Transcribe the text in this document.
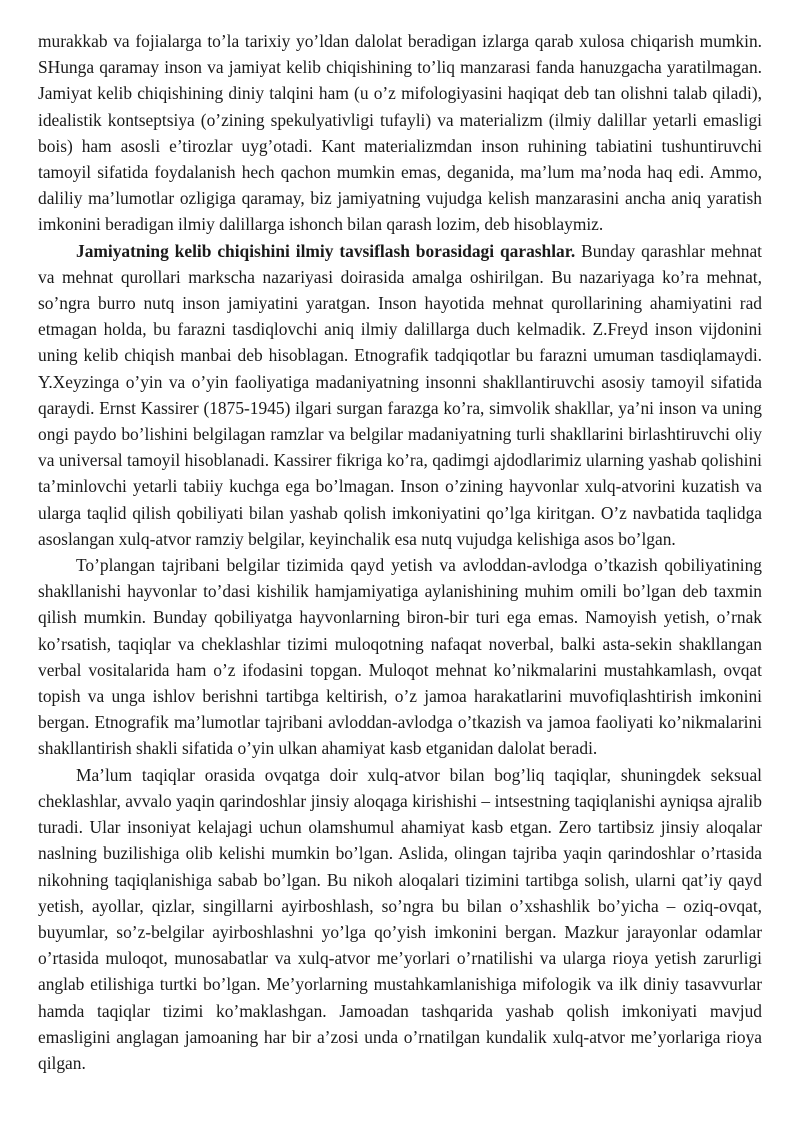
murakkab va fojialarga to’la tarixiy yo’ldan dalolat beradigan izlarga qarab xulosa chiqarish mumkin. SHunga qaramay inson va jamiyat kelib chiqishining to’liq manzarasi fanda hanuzgacha yaratilmagan. Jamiyat kelib chiqishining diniy talqini ham (u o’z mifologiyasini haqiqat deb tan olishni talab qiladi), idealistik kontseptsiya (o’zining spekulyativligi tufayli) va materializm (ilmiy dalillar yetarli emasligi bois) ham asosli e’tirozlar uyg’otadi. Kant materializmdan inson ruhining tabiatini tushuntiruvchi tamoyil sifatida foydalanish hech qachon mumkin emas, deganida, ma’lum ma’noda haq edi. Ammo, daliliy ma’lumotlar ozligiga qaramay, biz jamiyatning vujudga kelish manzarasini ancha aniq yaratish imkonini beradigan ilmiy dalillarga ishonch bilan qarash lozim, deb hisoblaymiz.

Jamiyatning kelib chiqishini ilmiy tavsiflash borasidagi qarashlar. Bunday qarashlar mehnat va mehnat qurollari markscha nazariyasi doirasida amalga oshirilgan. Bu nazariyaga ko’ra mehnat, so’ngra burro nutq inson jamiyatini yaratgan. Inson hayotida mehnat qurollarining ahamiyatini rad etmagan holda, bu farazni tasdiqlovchi aniq ilmiy dalillarga duch kelmadik. Z.Freyd inson vijdonini uning kelib chiqish manbai deb hisoblagan. Etnografik tadqiqotlar bu farazni umuman tasdiqlamaydi. Y.Xeyzinga o’yin va o’yin faoliyatiga madaniyatning insonni shakllantiruvchi asosiy tamoyil sifatida qaraydi. Ernst Kassirer (1875-1945) ilgari surgan farazga ko’ra, simvolik shakllar, ya’ni inson va uning ongi paydo bo’lishini belgilagan ramzlar va belgilar madaniyatning turli shakllarini birlashtiruvchi oliy va universal tamoyil hisoblanadi. Kassirer fikriga ko’ra, qadimgi ajdodlarimiz ularning yashab qolishini ta’minlovchi yetarli tabiiy kuchga ega bo’lmagan. Inson o’zining hayvonlar xulq-atvorini kuzatish va ularga taqlid qilish qobiliyati bilan yashab qolish imkoniyatini qo’lga kiritgan. O’z navbatida taqlidga asoslangan xulq-atvor ramziy belgilar, keyinchalik esa nutq vujudga kelishiga asos bo’lgan.

To’plangan tajribani belgilar tizimida qayd yetish va avloddan-avlodga o’tkazish qobiliyatining shakllanishi hayvonlar to’dasi kishilik hamjamiyatiga aylanishining muhim omili bo’lgan deb taxmin qilish mumkin. Bunday qobiliyatga hayvonlarning biron-bir turi ega emas. Namoyish yetish, o’rnak ko’rsatish, taqiqlar va cheklashlar tizimi muloqotning nafaqat noverbal, balki asta-sekin shakllangan verbal vositalarida ham o’z ifodasini topgan. Muloqot mehnat ko’nikmalarini mustahkamlash, ovqat topish va unga ishlov berishni tartibga keltirish, o’z jamoa harakatlarini muvofiqlashtirish imkonini bergan. Etnografik ma’lumotlar tajribani avloddan-avlodga o’tkazish va jamoa faoliyati ko’nikmalarini shakllantirish shakli sifatida o’yin ulkan ahamiyat kasb etganidan dalolat beradi.

Ma’lum taqiqlar orasida ovqatga doir xulq-atvor bilan bog’liq taqiqlar, shuningdek seksual cheklashlar, avvalo yaqin qarindoshlar jinsiy aloqaga kirishishi – intsestning taqiqlanishi ayniqsa ajralib turadi. Ular insoniyat kelajagi uchun olamshumul ahamiyat kasb etgan. Zero tartibsiz jinsiy aloqalar naslning buzilishiga olib kelishi mumkin bo’lgan. Aslida, olingan tajriba yaqin qarindoshlar o’rtasida nikohning taqiqlanishiga sabab bo’lgan. Bu nikoh aloqalari tizimini tartibga solish, ularni qat’iy qayd yetish, ayollar, qizlar, singillarni ayirboshlash, so’ngra bu bilan o’xshashlik bo’yicha – oziq-ovqat, buyumlar, so’z-belgilar ayirboshlashni yo’lga qo’yish imkonini bergan. Mazkur jarayonlar odamlar o’rtasida muloqot, munosabatlar va xulq-atvor me’yorlari o’rnatilishi va ularga rioya yetish zarurligi anglab etilishiga turtki bo’lgan. Me’yorlarning mustahkamlanishiga mifologik va ilk diniy tasavvurlar hamda taqiqlar tizimi ko’maklashgan. Jamoadan tashqarida yashab qolish imkoniyati mavjud emasligini anglagan jamoaning har bir a’zosi unda o’rnatilgan kundalik xulq-atvor me’yorlariga rioya qilgan.
